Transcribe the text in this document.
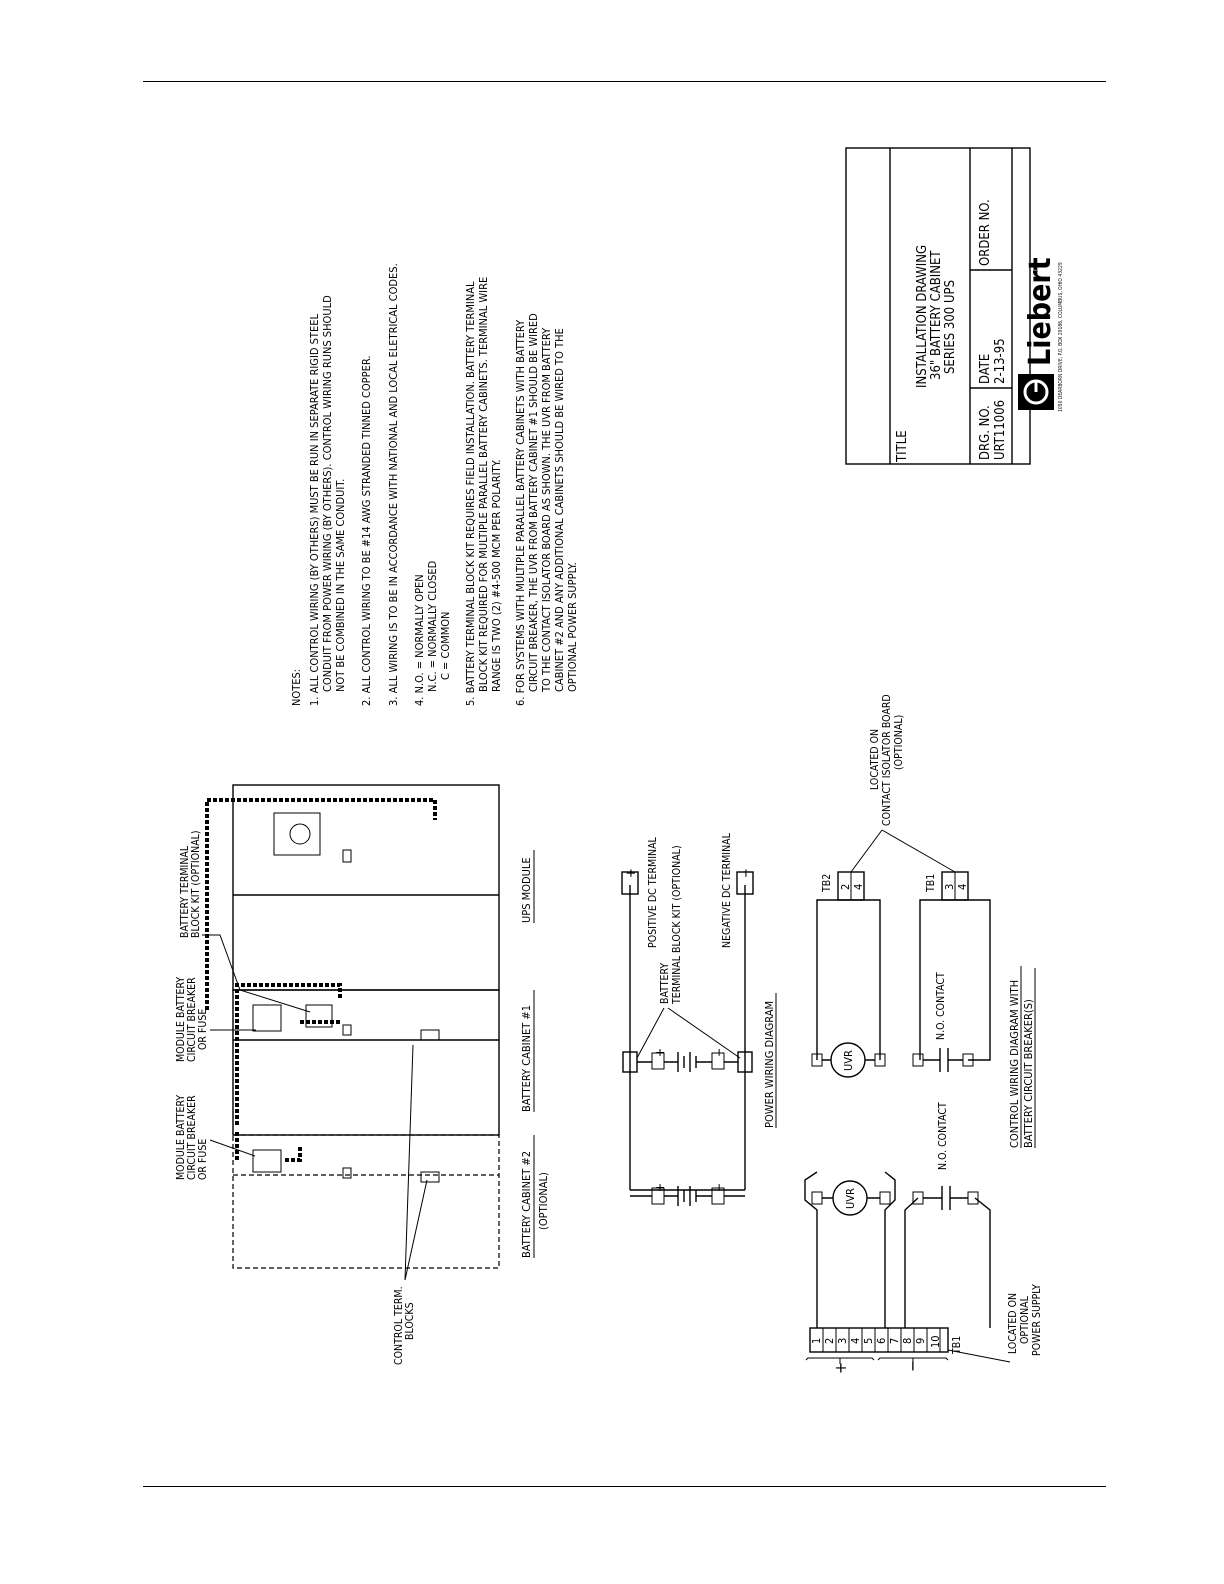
NOTES: 1. ALL CONTROL WIRING (BY OTHERS) MUST BE RUN IN SEPARATE RIGID STEEL CONDUIT FROM POWER WIRING (BY OTHERS). CONTROL WIRING RUNS SHOULD NOT BE COMBINED IN THE SAME CONDUIT. 2. ALL CONTROL WIRING TO BE #14 AWG STRANDED TINNED COPPER. 3. ALL WIRING IS TO BE IN ACCORDANCE WITH NATIONAL AND LOCAL ELETRICAL CODES. 4. N.O. = NORMALLY OPEN N.C. = NORMALLY CLOSED C = COMMON 5. BATTERY TERMINAL BLOCK KIT REQUIRES FIELD INSTALLATION. BATTERY TERMINAL BLOCK KIT REQUIRED FOR MULTIPLE PARALLEL BATTERY CABINETS. TERMINAL WIRE RANGE IS TWO (2) #4-500 MCM PER POLARITY. 6. FOR SYSTEMS WITH MULTIPLE PARALLEL BATTERY CABINETS WITH BATTERY CIRCUIT BREAKER, THE UVR FROM BATTERY CABINET #1 SHOULD BE WIRED TO THE CONTACT ISOLATOR BOARD AS SHOWN. THE UVR FROM BATTERY CABINET #2 AND ANY ADDITIONAL CABINETS SHOULD BE WIRED TO THE OPTIONAL POWER SUPPLY.
TITLE
INSTALLATION DRAWING 36" BATTERY CABINET SERIES 300 UPS
DRG. NO. URT11006
DATE 2-13-95
ORDER NO.
Liebert 1050 DEARBORN DRIVE, P.O. BOX 29186, COLUMBUS, OHIO 43229
MODULE BATTERY CIRCUIT BREAKER OR FUSE
MODULE BATTERY CIRCUIT BREAKER OR FUSE
BATTERY TERMINAL BLOCK KIT (OPTIONAL)
CONTROL TERM. BLOCKS
BATTERY CABINET #2 (OPTIONAL)
BATTERY CABINET #1
UPS MODULE
+	−
+	−
+	−
POSITIVE DC TERMINAL
BATTERY TERMINAL BLOCK KIT (OPTIONAL)	NEGATIVE DC TERMINAL
POWER WIRING DIAGRAM
1 2 3 4 5 6 7 8 9 10 TB1
+	−
LOCATED ON OPTIONAL POWER SUPPLY
UVR
N.O. CONTACT
UVR
N.O. CONTACT
2 4
TB2	3 4
TB1
LOCATED ON CONTACT ISOLATOR BOARD (OPTIONAL)
CONTROL WIRING DIAGRAM WITH BATTERY CIRCUIT BREAKER(S)
